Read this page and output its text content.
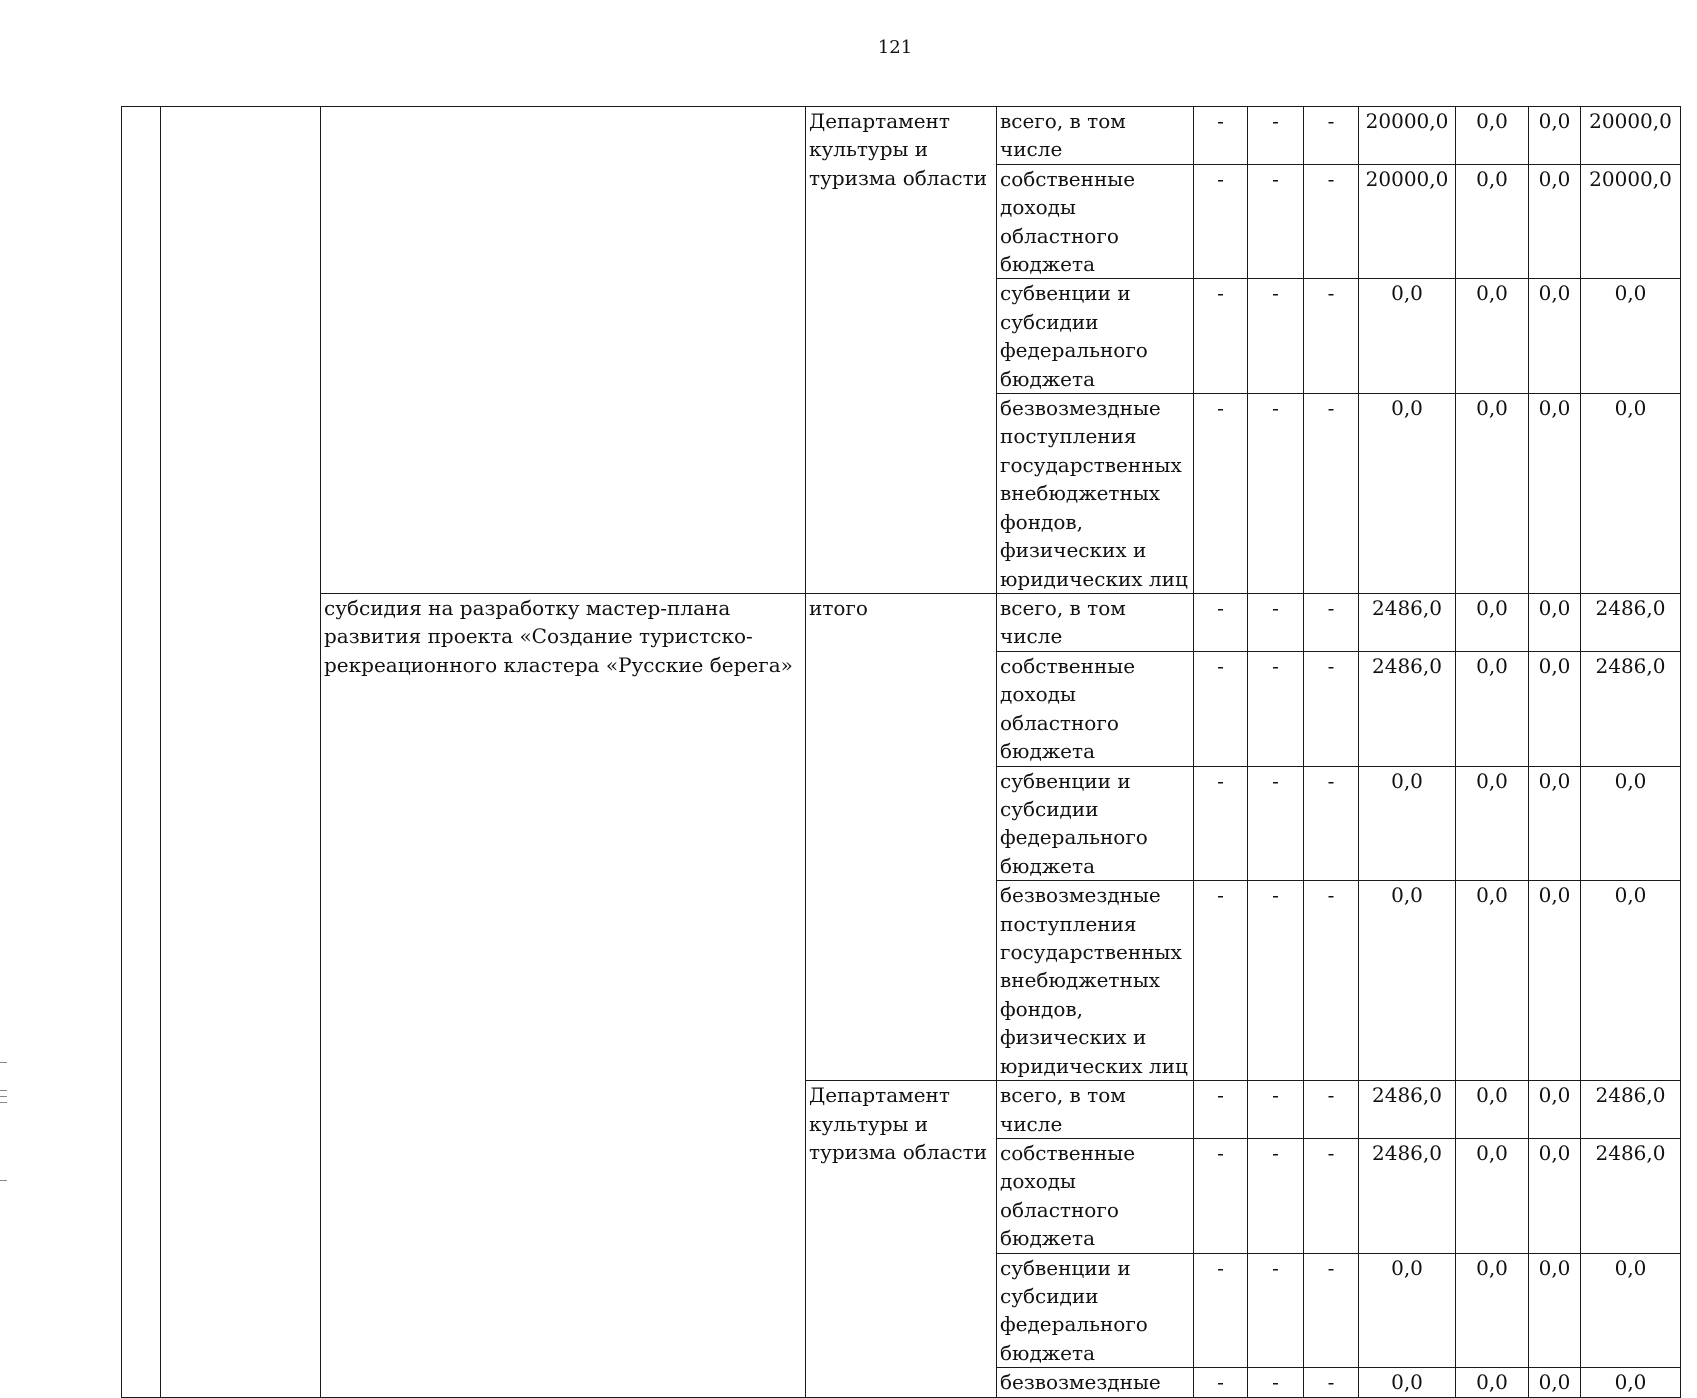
121
			Департамент культуры и туризма области	всего, в том числе	-	-	-	20000,0	0,0	0,0	20000,0
				собственные доходы областного бюджета	-	-	-	20000,0	0,0	0,0	20000,0
				субвенции и субсидии федерального бюджета	-	-	-	0,0	0,0	0,0	0,0
				безвозмездные поступления государственных внебюджетных фондов, физических и юридических лиц	-	-	-	0,0	0,0	0,0	0,0
		субсидия на разработку мастер-плана развития проекта «Создание туристско-рекреационного кластера «Русские берега»	итого	всего, в том числе	-	-	-	2486,0	0,0	0,0	2486,0
				собственные доходы областного бюджета	-	-	-	2486,0	0,0	0,0	2486,0
				субвенции и субсидии федерального бюджета	-	-	-	0,0	0,0	0,0	0,0
				безвозмездные поступления государственных внебюджетных фондов, физических и юридических лиц	-	-	-	0,0	0,0	0,0	0,0
			Департамент культуры и туризма области	всего, в том числе	-	-	-	2486,0	0,0	0,0	2486,0
				собственные доходы областного бюджета	-	-	-	2486,0	0,0	0,0	2486,0
				субвенции и субсидии федерального бюджета	-	-	-	0,0	0,0	0,0	0,0
				безвозмездные	-	-	-	0,0	0,0	0,0	0,0
